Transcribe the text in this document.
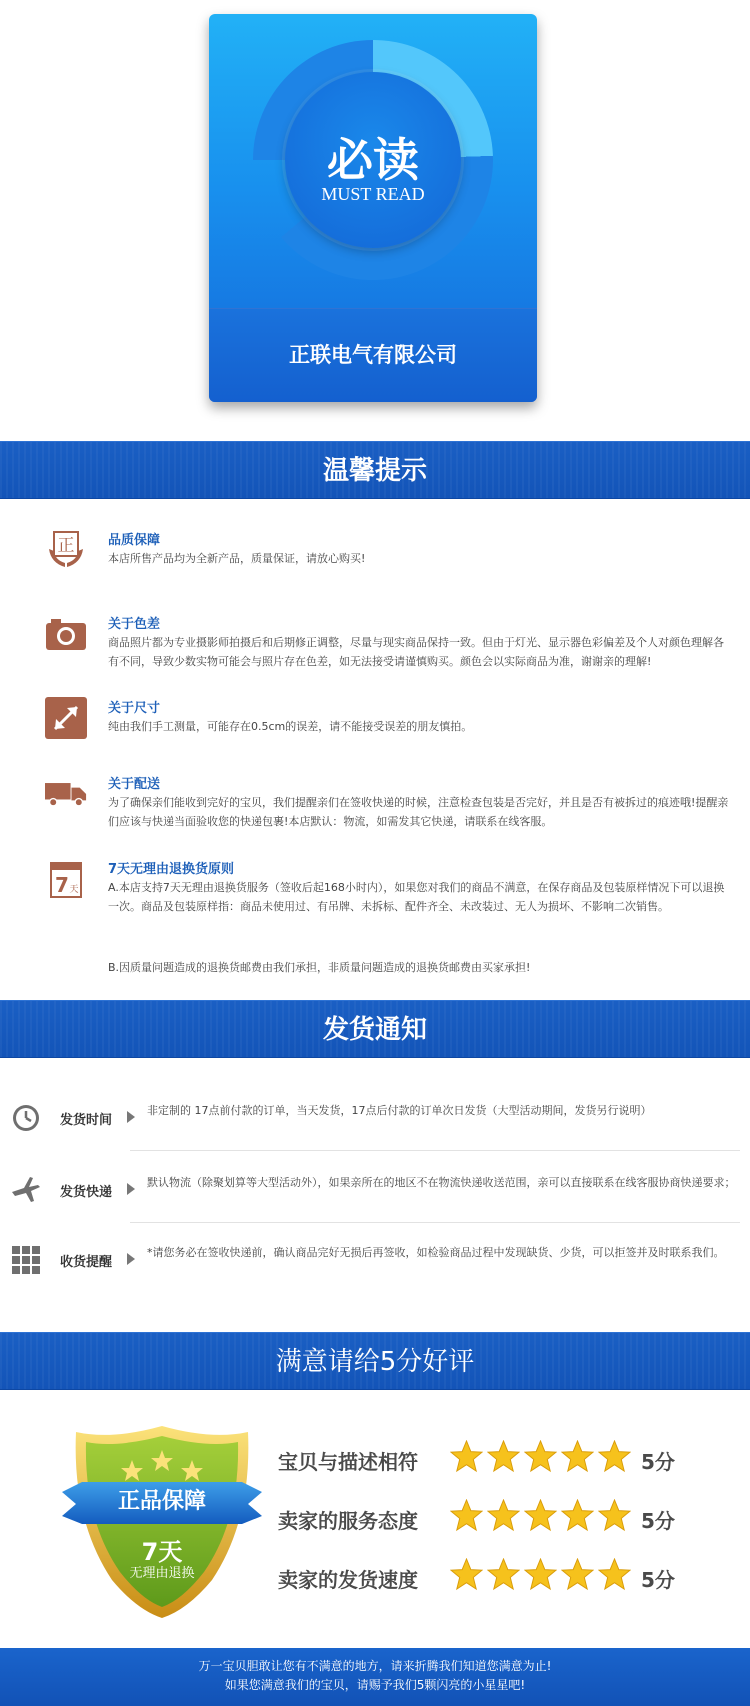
必读
MUST READ
正联电气有限公司
温馨提示
正	品质保障
本店所售产品均为全新产品，质量保证，请放心购买!
关于色差
商品照片都为专业摄影师拍摄后和后期修正调整，尽量与现实商品保持一致。但由于灯光、显示器色彩偏差及个人对颜色理解各有不同，导致少数实物可能会与照片存在色差，如无法接受请谨慎购买。颜色会以实际商品为准，谢谢亲的理解!
关于尺寸
纯由我们手工测量，可能存在0.5cm的误差，请不能接受误差的朋友慎拍。
关于配送
为了确保亲们能收到完好的宝贝，我们提醒亲们在签收快递的时候，注意检查包装是否完好，并且是否有被拆过的痕迹哦!提醒亲们应该与快递当面验收您的快递包裹!本店默认：物流，如需发其它快递，请联系在线客服。
7 天
7天无理由退换货原则
A.本店支持7天无理由退换货服务（签收后起168小时内），如果您对我们的商品不满意，在保存商品及包装原样情况下可以退换一次。商品及包装原样指：商品未使用过、有吊牌、未拆标、配件齐全、未改装过、无人为损坏、不影响二次销售。
B.因质量问题造成的退换货邮费由我们承担，非质量问题造成的退换货邮费由买家承担!
发货通知
发货时间
非定制的 17点前付款的订单，当天发货，17点后付款的订单次日发货（大型活动期间，发货另行说明）
发货快递
默认物流（除聚划算等大型活动外），如果亲所在的地区不在物流快递收送范围，亲可以直接联系在线客服协商快递要求；
收货提醒
*请您务必在签收快递前，确认商品完好无损后再签收，如检验商品过程中发现缺货、少货，可以拒签并及时联系我们。
满意请给5分好评
正品保障
7天
无理由退换
宝贝与描述相符	5分
卖家的服务态度	5分
卖家的发货速度	5分
万一宝贝胆敢让您有不满意的地方，请来折腾我们知道您满意为止!
如果您满意我们的宝贝，请赐予我们5颗闪亮的小星星吧!
